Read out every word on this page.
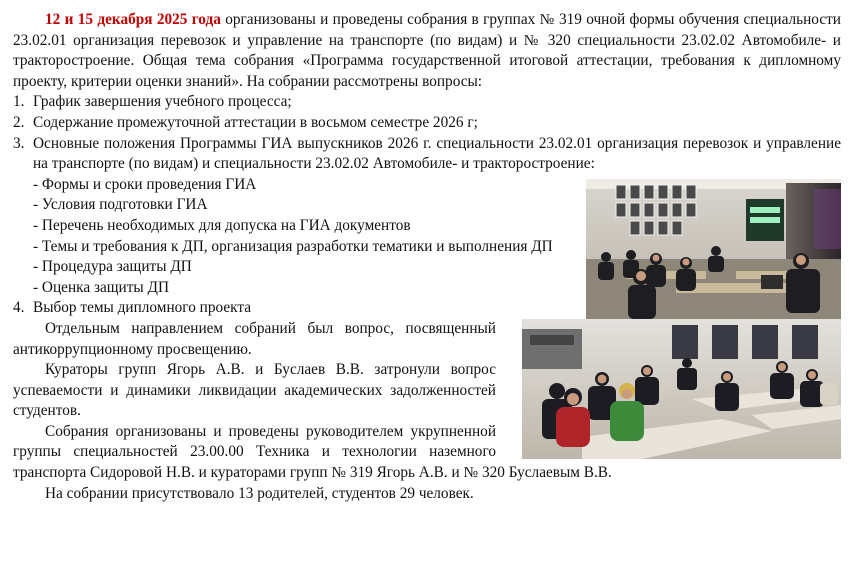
12 и 15 декабря 2025 года организованы и проведены собрания в группах № 319 очной формы обучения специальности 23.02.01 организация перевозок и управление на транспорте (по видам) и № 320 специальности 23.02.02 Автомобиле- и тракторостроение. Общая тема собрания «Программа государственной итоговой аттестации, требования к дипломному проекту, критерии оценки знаний». На собрании рассмотрены вопросы:

1. График завершения учебного процесса;
2. Содержание промежуточной аттестации в восьмом семестре 2026 г;
3. Основные положения Программы ГИА выпускников 2026 г. специальности 23.02.01 организация перевозок и управление на транспорте (по видам) и специальности 23.02.02 Автомобиле- и тракторостроение:
- Формы и сроки проведения ГИА
- Условия подготовки ГИА
- Перечень необходимых для допуска на ГИА документов
- Темы и требования к ДП, организация разработки тематики и выполнения ДП
- Процедура защиты ДП
- Оценка защиты ДП
4. Выбор темы дипломного проекта

Отдельным направлением собраний был вопрос, посвященный антикоррупционному просвещению.

Кураторы групп Ягорь А.В. и Буслаев В.В. затронули вопрос успеваемости и динамики ликвидации академических задолженностей студентов.

Собрания организованы и проведены руководителем укрупненной группы специальностей 23.00.00 Техника и технологии наземного транспорта Сидоровой Н.В. и кураторами групп № 319 Ягорь А.В. и № 320 Буслаевым В.В.

На собрании присутствовало 13 родителей, студентов 29 человек.
